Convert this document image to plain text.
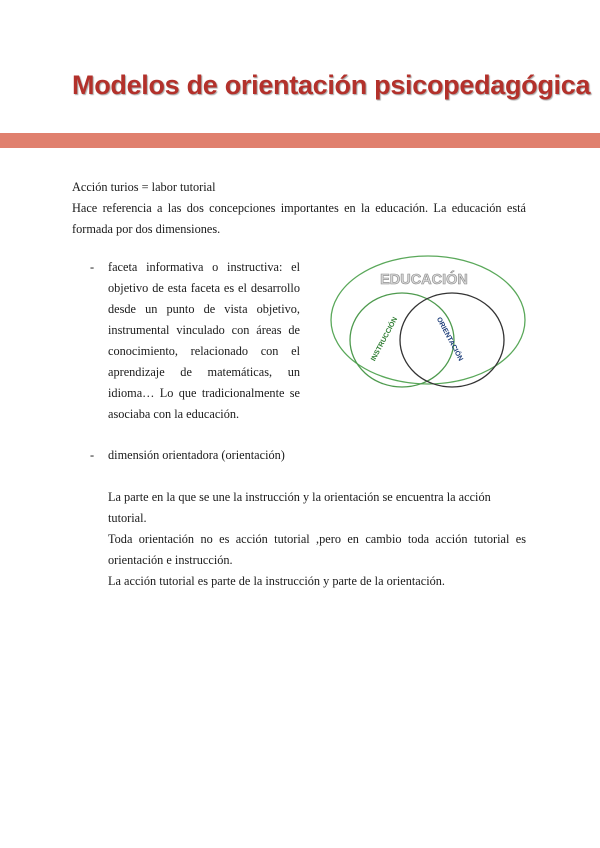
Modelos de orientación psicopedagógica
Acción turios = labor tutorial
Hace referencia a las dos concepciones importantes en la educación. La educación está
formada por dos dimensiones.
- faceta informativa o instructiva: el
objetivo de esta faceta es el desarrollo
desde un punto de vista objetivo,
instrumental vinculado con áreas de
conocimiento, relacionado con el
aprendizaje de matemáticas, un
idioma… Lo que tradicionalmente se
asociaba con la educación.
EDUCACIÓN
INSTRUCCIÓN	ORIENTACIÓN
- dimensión orientadora (orientación)
La parte en la que se une la instrucción y la orientación se encuentra la acción tutorial.
Toda orientación no es acción tutorial ,pero en cambio toda acción tutorial es
orientación e instrucción.
La acción tutorial es parte de la instrucción y parte de la orientación.
